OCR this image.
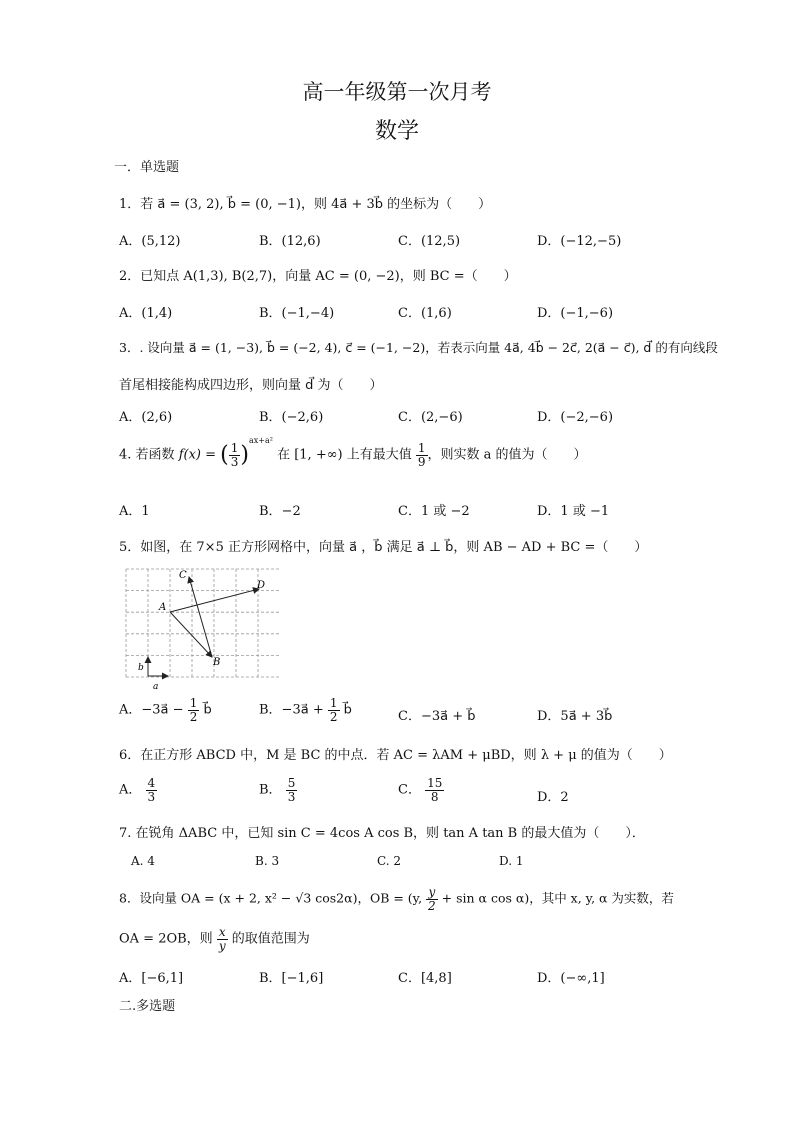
高一年级第一次月考
数学
一．单选题
1．若 a⃗ = (3, 2), b⃗ = (0, −1)，则 4a⃗ + 3b⃗ 的坐标为（　　）
A．(5,12)	B．(12,6)	C．(12,5)	D．(−12,−5)
2．已知点 A(1,3), B(2,7)，向量 AC = (0, −2)，则 BC =（　　）
A．(1,4)	B．(−1,−4)	C．(1,6)	D．(−1,−6)
3．. 设向量 a⃗ = (1, −3), b⃗ = (−2, 4), c⃗ = (−1, −2)，若表示向量 4a⃗, 4b⃗ − 2c⃗, 2(a⃗ − c⃗), d⃗ 的有向线段
首尾相接能构成四边形，则向量 d⃗ 为（　　）
A．(2,6)	B．(−2,6)	C．(2,−6)	D．(−2,−6)
4. 若函数 f(x) = ( $\frac{1}{3} )^{ax+a^2}$ 在 [1, +∞) 上有最大值 $\frac{1}{9}$ ，则实数 a 的值为（　　）
A．1	B．−2	C．1 或 −2	D．1 或 −1
5．如图，在 7×5 正方形网格中，向量 a⃗ ，b⃗ 满足 a⃗ ⊥ b⃗，则 AB − AD + BC =（　　）
C
D
A
B
b
a
A．−3a⃗ − $\frac{1}{2}$ b⃗	B．−3a⃗ + $\frac{1}{2}$ b⃗	C．−3a⃗ + b⃗	D．5a⃗ + 3b⃗
6．在正方形 ABCD 中，M 是 BC 的中点．若 AC = λAM + μBD，则 λ + μ 的值为（　　）
A． $\frac{4}{3}$	B． $\frac{5}{3}$	C． $\frac{15}{8}$	D．2
7. 在锐角 ΔABC 中，已知 sin C = 4cos A cos B，则 tan A tan B 的最大值为（　　）．
A. 4	B. 3	C. 2	D. 1
8．设向量 OA = (x + 2, x² − √3 cos2α)，OB = (y, $\frac{y}{2} + \sin \alpha$ cos α)，其中 x, y, α 为实数，若
OA = 2OB，则 $\frac{x}{y}$ 的取值范围为
A．[−6,1]	B．[−1,6]	C．[4,8]	D．(−∞,1]
二.多选题
